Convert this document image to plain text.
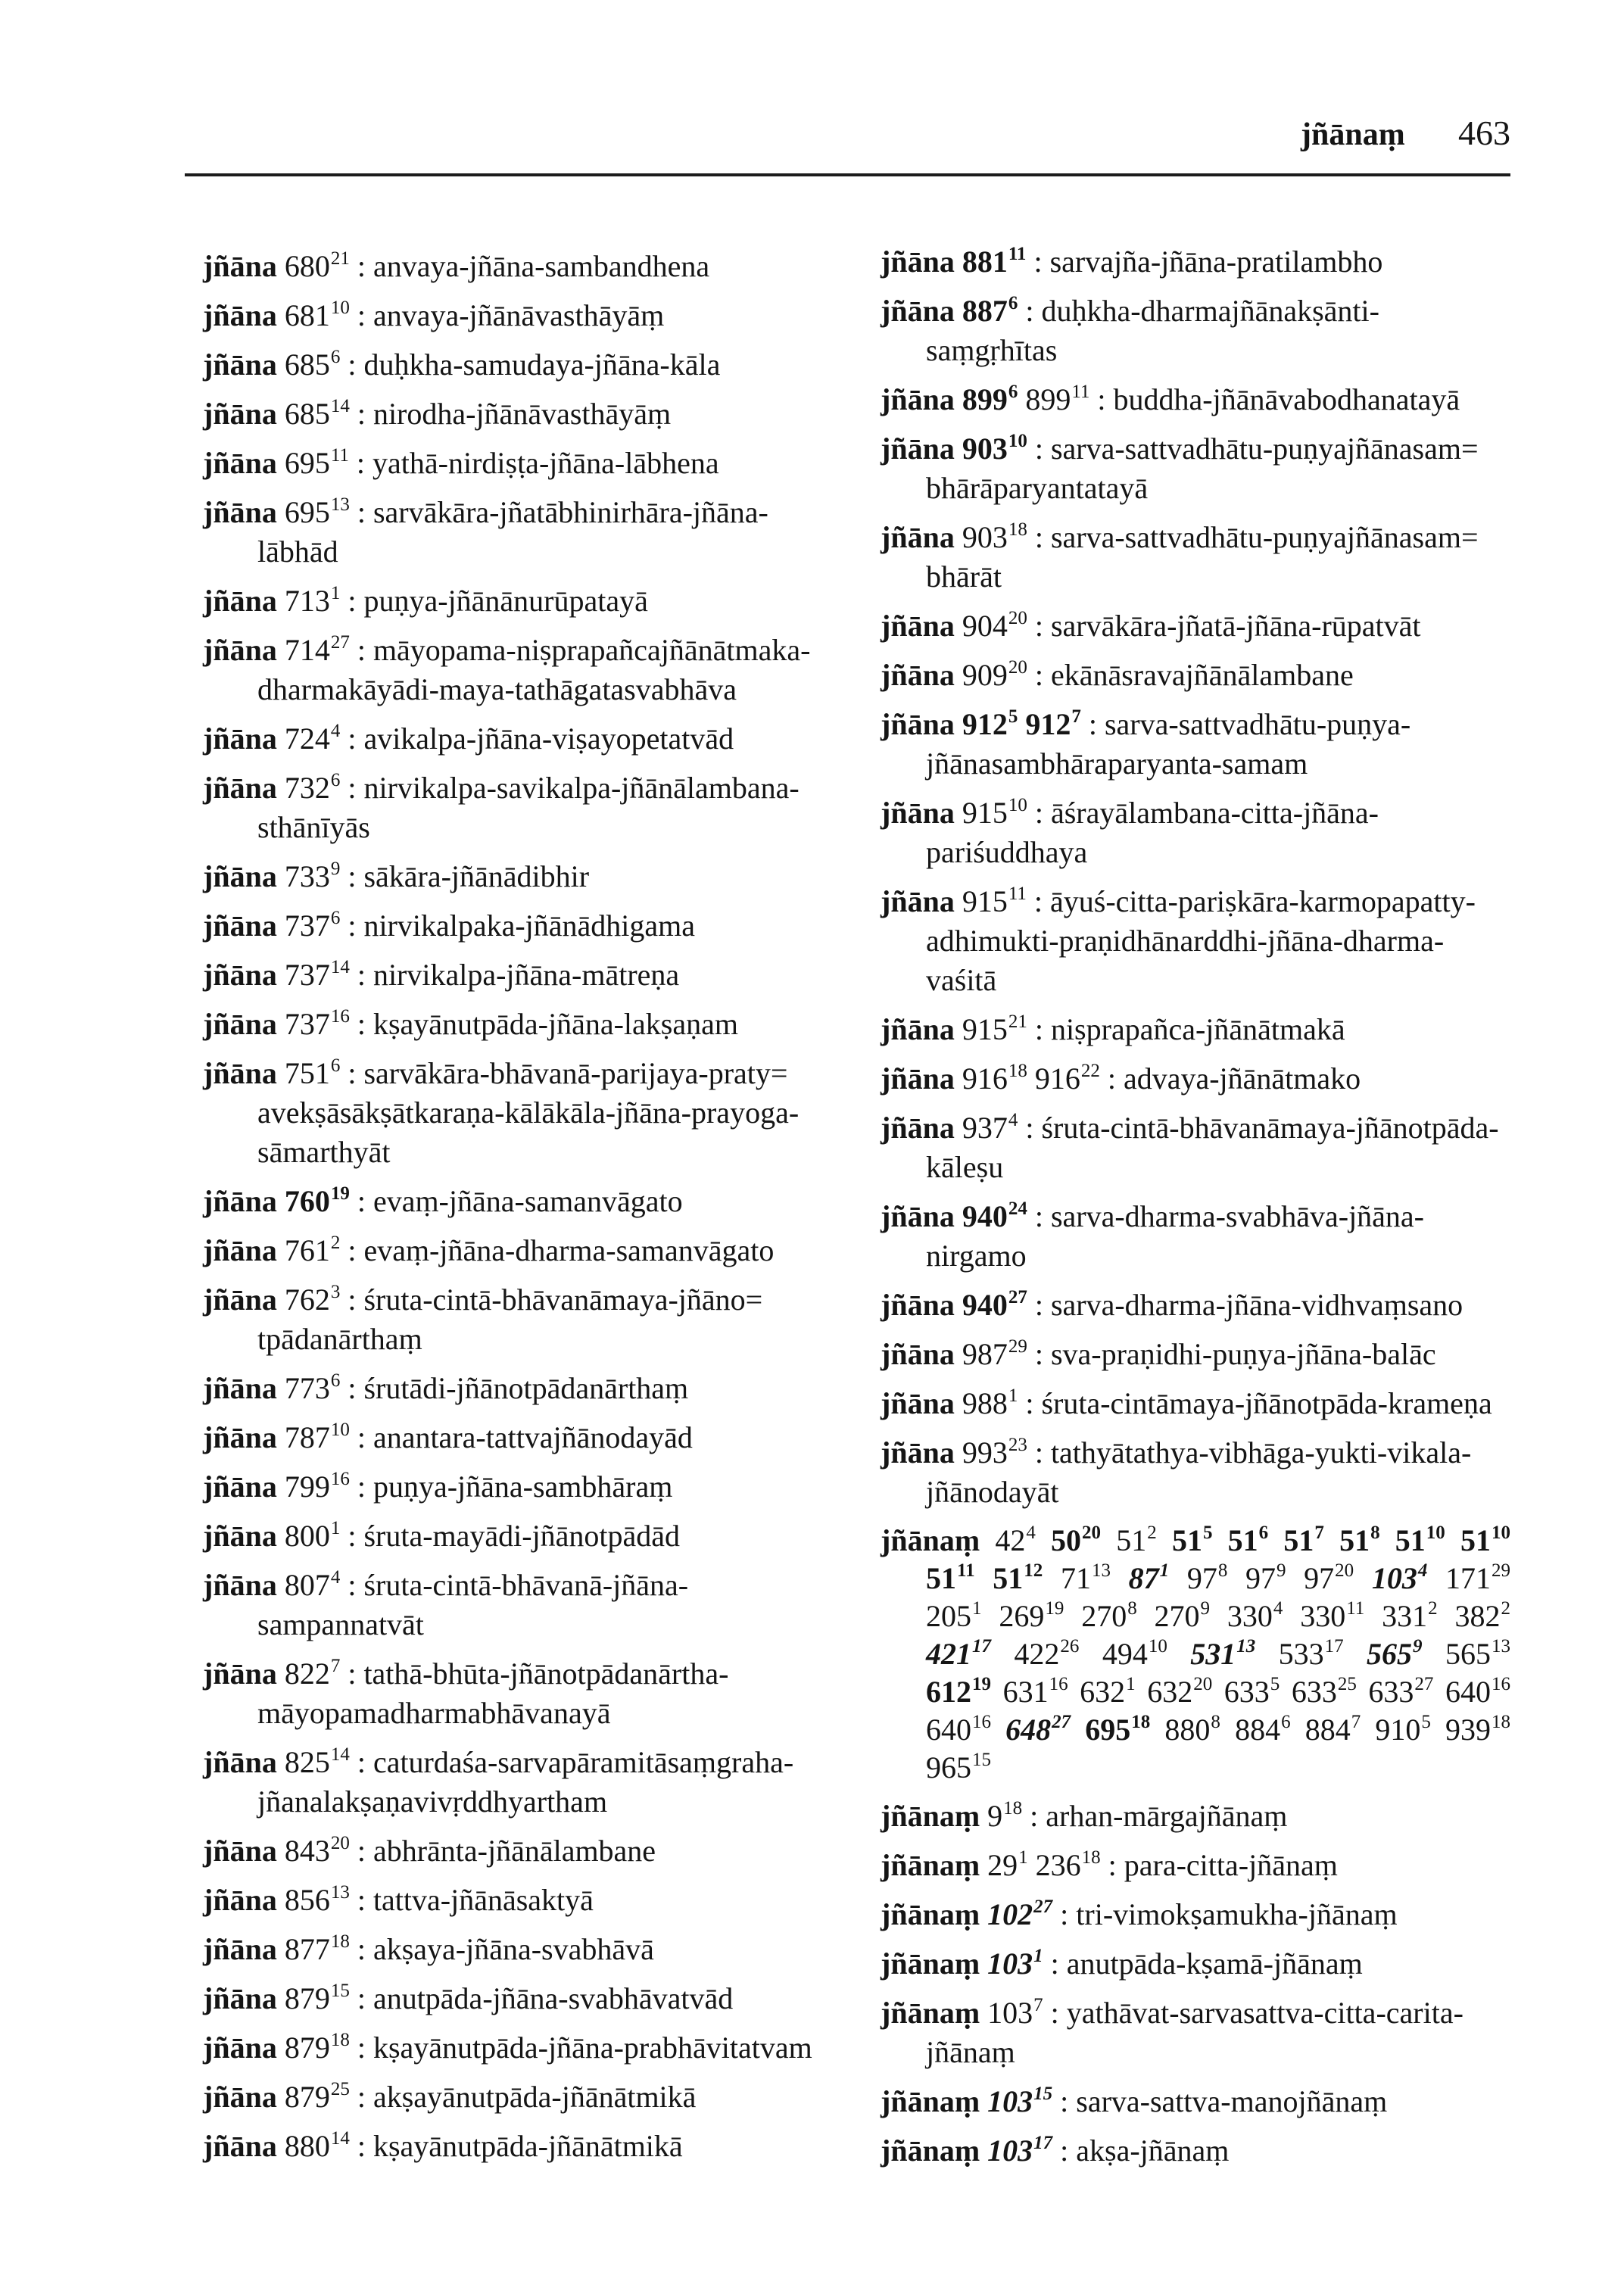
jñānaṃ 463
jñāna $680^{21}$ : anvaya-jñāna-sambandhena
jñāna $681^{10}$ : anvaya-jñānāvasthāyāṃ
jñāna $685^6$ : duḥkha-samudaya-jñāna-kāla
jñāna $685^{14}$ : nirodha-jñānāvasthāyāṃ
jñāna $695^{11}$ : yathā-nirdiṣṭa-jñāna-lābhena
jñāna $695^{13}$ : sarvākāra-jñatābhinirhāra-jñāna-
lābhād
jñāna $713^1$ : puṇya-jñānānurūpatayā
jñāna $714^{27}$ : māyopama-niṣprapañcajñānātmaka-
dharmakāyādi-maya-tathāgatasvabhāva
jñāna $724^4$ : avikalpa-jñāna-viṣayopetatvād
jñāna $732^6$ : nirvikalpa-savikalpa-jñānālambana-
sthānīyās
jñāna $733^9$ : sākāra-jñānādibhir
jñāna $737^6$ : nirvikalpaka-jñānādhigama
jñāna $737^{14}$ : nirvikalpa-jñāna-mātreṇa
jñāna $737^{16}$ : kṣayānutpāda-jñāna-lakṣaṇam
jñāna $751^6$ : sarvākāra-bhāvanā-parijaya-praty=
avekṣāsākṣātkaraṇa-kālākāla-jñāna-prayoga-
sāmarthyāt
jñāna $760^{19}$ : evaṃ-jñāna-samanvāgato
jñāna $761^2$ : evaṃ-jñāna-dharma-samanvāgato
jñāna $762^3$ : śruta-cintā-bhāvanāmaya-jñāno=
tpādanārthaṃ
jñāna $773^6$ : śrutādi-jñānotpādanārthaṃ
jñāna $787^{10}$ : anantara-tattvajñānodayād
jñāna $799^{16}$ : puṇya-jñāna-sambhāraṃ
jñāna $800^1$ : śruta-mayādi-jñānotpādād
jñāna $807^4$ : śruta-cintā-bhāvanā-jñāna-
sampannatvāt
jñāna $822^7$ : tathā-bhūta-jñānotpādanārtha-
māyopamadharmabhāvanayā
jñāna $825^{14}$ : caturdaśa-sarvapāramitāsaṃgraha-
jñanalakṣaṇavivṛddhyartham
jñāna $843^{20}$ : abhrānta-jñānālambane
jñāna $856^{13}$ : tattva-jñānāsaktyā
jñāna $877^{18}$ : akṣaya-jñāna-svabhāvā
jñāna $879^{15}$ : anutpāda-jñāna-svabhāvatvād
jñāna $879^{18}$ : kṣayānutpāda-jñāna-prabhāvitatvam
jñāna $879^{25}$ : akṣayānutpāda-jñānātmikā
jñāna $880^{14}$ : kṣayānutpāda-jñānātmikā
jñāna $881^{11}$ : sarvajña-jñāna-pratilambho
jñāna $887^6$ : duḥkha-dharmajñānakṣānti-
saṃgṛhītas
jñāna $899^6$ $899^{11}$ : buddha-jñānāvabodhanatayā
jñāna $903^{10}$ : sarva-sattvadhātu-puṇyajñānasam=
bhārāparyantatayā
jñāna $903^{18}$ : sarva-sattvadhātu-puṇyajñānasam=
bhārāt
jñāna $904^{20}$ : sarvākāra-jñatā-jñāna-rūpatvāt
jñāna $909^{20}$ : ekānāsravajñānālambane
jñāna $912^5$ $912^7$ : sarva-sattvadhātu-puṇya-
jñānasambhāraparyanta-samam
jñāna $915^{10}$ : āśrayālambana-citta-jñāna-
pariśuddhaya
jñāna $915^{11}$ : āyuś-citta-pariṣkāra-karmopapatty-
adhimukti-praṇidhānarddhi-jñāna-dharma-
vaśitā
jñāna $915^{21}$ : niṣprapañca-jñānātmakā
jñāna $916^{18}$ $916^{22}$ : advaya-jñānātmako
jñāna $937^4$ : śruta-cintā-bhāvanāmaya-jñānotpāda-
kāleṣu
jñāna $940^{24}$ : sarva-dharma-svabhāva-jñāna-
nirgamo
jñāna $940^{27}$ : sarva-dharma-jñāna-vidhvaṃsano
jñāna $987^{29}$ : sva-praṇidhi-puṇya-jñāna-balāc
jñāna $988^1$ : śruta-cintāmaya-jñānotpāda-krameṇa
jñāna $993^{23}$ : tathyātathya-vibhāga-yukti-vikala-
jñānodayāt
jñānaṃ $42^4$ $50^{20}$ $51^2$ $51^5$ $51^6$ $51^7$ $51^8$ $51^{10}$ $51^{10}$
$51^{11}$ $51^{12}$ $71^{13}$ $87^1$ $97^8$ $97^9$ $97^{20}$ $103^4$ $171^{29}$
$205^1$ $269^{19}$ $270^8$ $270^9$ $330^4$ $330^{11}$ $331^2$ $382^2$
$421^{17}$ $422^{26}$ $494^{10}$ $531^{13}$ $533^{17}$ $565^9$ $565^{13}$
$612^{19}$ $631^{16}$ $632^1$ $632^{20}$ $633^5$ $633^{25}$ $633^{27}$ $640^{16}$
$640^{16}$ $648^{27}$ $695^{18}$ $880^8$ $884^6$ $884^7$ $910^5$ $939^{18}$
$965^{15}$
jñānaṃ $9^{18}$ : arhan-mārgajñānaṃ
jñānaṃ $29^1$ $236^{18}$ : para-citta-jñānaṃ
jñānaṃ $102^{27}$ : tri-vimokṣamukha-jñānaṃ
jñānaṃ $103^1$ : anutpāda-kṣamā-jñānaṃ
jñānaṃ $103^7$ : yathāvat-sarvasattva-citta-carita-
jñānaṃ
jñānaṃ $103^{15}$ : sarva-sattva-manojñānaṃ
jñānaṃ $103^{17}$ : akṣa-jñānaṃ
